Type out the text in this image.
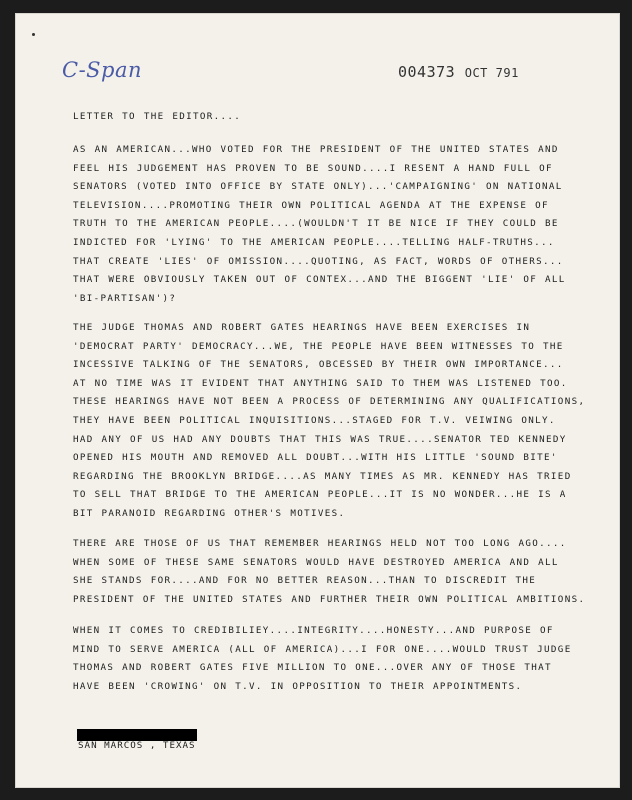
C-Span	004373 OCT 791
LETTER TO THE EDITOR....
AS AN AMERICAN...WHO VOTED FOR THE PRESIDENT OF THE UNITED STATES AND
FEEL HIS JUDGEMENT HAS PROVEN TO BE SOUND....I RESENT A HAND FULL OF
SENATORS (VOTED INTO OFFICE BY STATE ONLY)...'CAMPAIGNING' ON NATIONAL
TELEVISION....PROMOTING THEIR OWN POLITICAL AGENDA AT THE EXPENSE OF
TRUTH TO THE AMERICAN PEOPLE....(WOULDN'T IT BE NICE IF THEY COULD BE
INDICTED FOR 'LYING' TO THE AMERICAN PEOPLE....TELLING HALF-TRUTHS...
THAT CREATE 'LIES' OF OMISSION....QUOTING, AS FACT, WORDS OF OTHERS...
THAT WERE OBVIOUSLY TAKEN OUT OF CONTEX...AND THE BIGGENT 'LIE' OF ALL
'BI-PARTISAN')?
THE JUDGE THOMAS AND ROBERT GATES HEARINGS HAVE BEEN EXERCISES IN
'DEMOCRAT PARTY' DEMOCRACY...WE, THE PEOPLE HAVE BEEN WITNESSES TO THE
INCESSIVE TALKING OF THE SENATORS, OBCESSED BY THEIR OWN IMPORTANCE...
AT NO TIME WAS IT EVIDENT THAT ANYTHING SAID TO THEM WAS LISTENED TOO.
THESE HEARINGS HAVE NOT BEEN A PROCESS OF DETERMINING ANY QUALIFICATIONS,
THEY HAVE BEEN POLITICAL INQUISITIONS...STAGED FOR T.V. VEIWING ONLY.
HAD ANY OF US HAD ANY DOUBTS THAT THIS WAS TRUE....SENATOR TED KENNEDY
OPENED HIS MOUTH AND REMOVED ALL DOUBT...WITH HIS LITTLE 'SOUND BITE'
REGARDING THE BROOKLYN BRIDGE....AS MANY TIMES AS MR. KENNEDY HAS TRIED
TO SELL THAT BRIDGE TO THE AMERICAN PEOPLE...IT IS NO WONDER...HE IS A
BIT PARANOID REGARDING OTHER'S MOTIVES.
THERE ARE THOSE OF US THAT REMEMBER HEARINGS HELD NOT TOO LONG AGO....
WHEN SOME OF THESE SAME SENATORS WOULD HAVE DESTROYED AMERICA AND ALL
SHE STANDS FOR....AND FOR NO BETTER REASON...THAN TO DISCREDIT THE
PRESIDENT OF THE UNITED STATES AND FURTHER THEIR OWN POLITICAL AMBITIONS.
WHEN IT COMES TO CREDIBILIEY....INTEGRITY....HONESTY...AND PURPOSE OF
MIND TO SERVE AMERICA (ALL OF AMERICA)...I FOR ONE....WOULD TRUST JUDGE
THOMAS AND ROBERT GATES FIVE MILLION TO ONE...OVER ANY OF THOSE THAT
HAVE BEEN 'CROWING' ON T.V. IN OPPOSITION TO THEIR APPOINTMENTS.
SAN MARCOS , TEXAS
